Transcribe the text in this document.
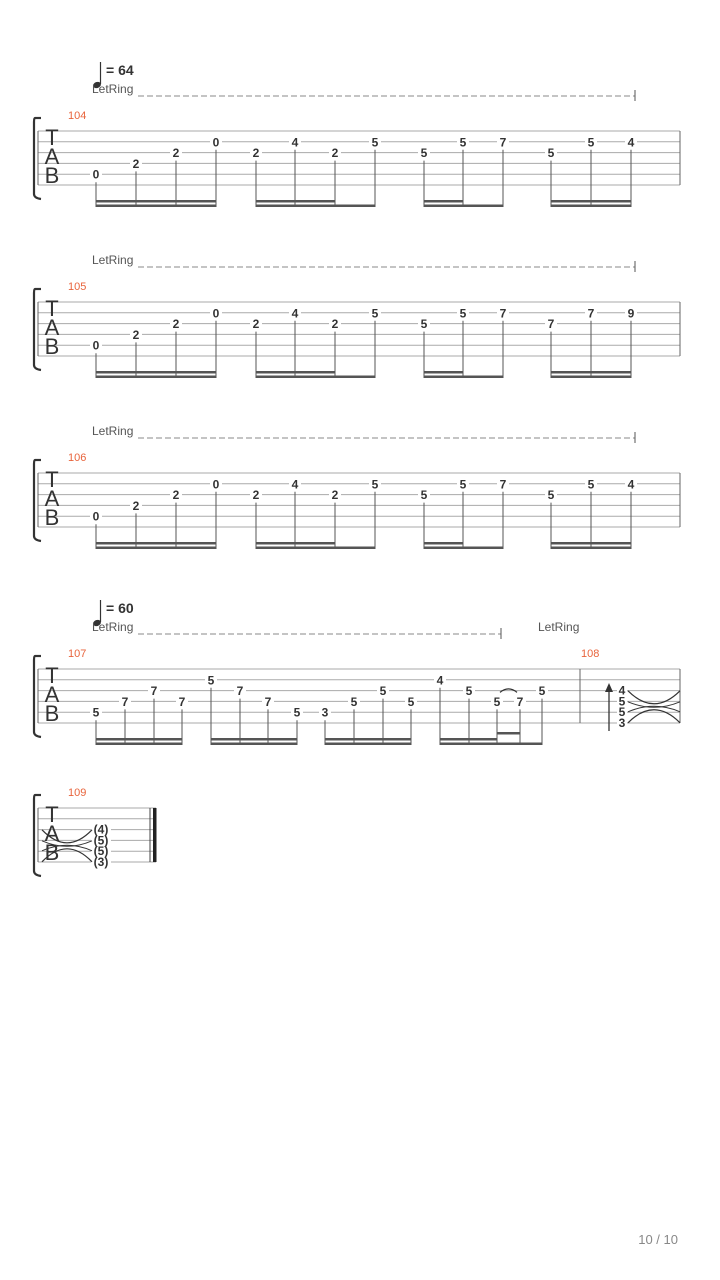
T
A
B
= 64
LetRing
104
0
2
2
0
2
4
2
5
5
5	7
5
5	4
T
A
B
LetRing
105
0
2
2
0
2
4
2
5
5
5	7
7
7	9
T
A
B
LetRing
106
0
2
2
0
2
4
2
5
5
5	7
5
5	4
T
A
B
= 60
LetRing	LetRing
107
5
7
7
7
5
7
7
5 3
5
5
5
4
5
5 7
5
108
4
5
5
3
T
A
B
109
(4)
(5)
(5)
(3)
10 / 10
